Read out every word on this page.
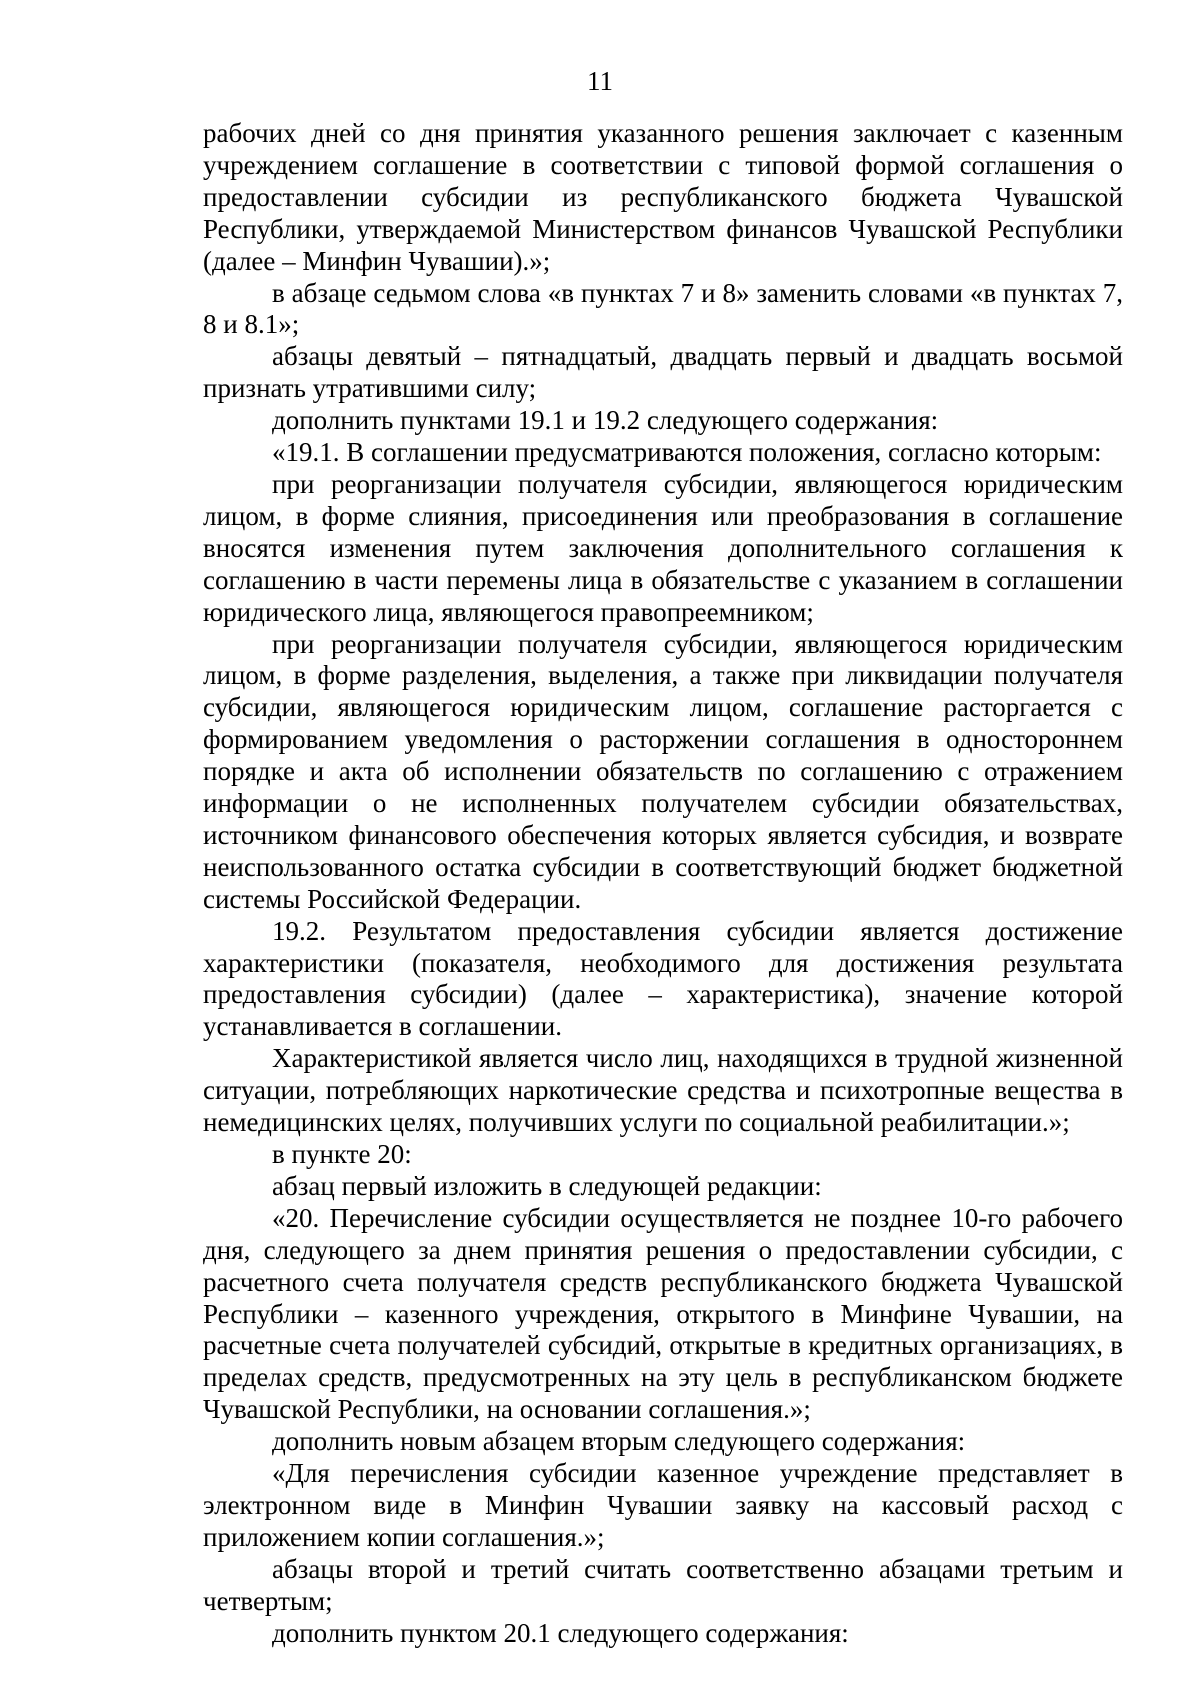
11

рабочих дней со дня принятия указанного решения заключает с казенным учреждением соглашение в соответствии с типовой формой соглашения о предоставлении субсидии из республиканского бюджета Чувашской Республики, утверждаемой Министерством финансов Чувашской Республики (далее – Минфин Чувашии).»;

в абзаце седьмом слова «в пунктах 7 и 8» заменить словами «в пунктах 7, 8 и 8.1»;

абзацы девятый – пятнадцатый, двадцать первый и двадцать восьмой признать утратившими силу;

дополнить пунктами 19.1 и 19.2 следующего содержания:

«19.1. В соглашении предусматриваются положения, согласно которым:

при реорганизации получателя субсидии, являющегося юридическим лицом, в форме слияния, присоединения или преобразования в соглашение вносятся изменения путем заключения дополнительного соглашения к соглашению в части перемены лица в обязательстве с указанием в соглашении юридического лица, являющегося правопреемником;

при реорганизации получателя субсидии, являющегося юридическим лицом, в форме разделения, выделения, а также при ликвидации получателя субсидии, являющегося юридическим лицом, соглашение расторгается с формированием уведомления о расторжении соглашения в одностороннем порядке и акта об исполнении обязательств по соглашению с отражением информации о не исполненных получателем субсидии обязательствах, источником финансового обеспечения которых является субсидия, и возврате неиспользованного остатка субсидии в соответствующий бюджет бюджетной системы Российской Федерации.

19.2. Результатом предоставления субсидии является достижение характеристики (показателя, необходимого для достижения результата предоставления субсидии) (далее – характеристика), значение которой устанавливается в соглашении.

Характеристикой является число лиц, находящихся в трудной жизненной ситуации, потребляющих наркотические средства и психотропные вещества в немедицинских целях, получивших услуги по социальной реабилитации.»;

в пункте 20:

абзац первый изложить в следующей редакции:

«20. Перечисление субсидии осуществляется не позднее 10-го рабочего дня, следующего за днем принятия решения о предоставлении субсидии, с расчетного счета получателя средств республиканского бюджета Чувашской Республики – казенного учреждения, открытого в Минфине Чувашии, на расчетные счета получателей субсидий, открытые в кредитных организациях, в пределах средств, предусмотренных на эту цель в республиканском бюджете Чувашской Республики, на основании соглашения.»;

дополнить новым абзацем вторым следующего содержания:

«Для перечисления субсидии казенное учреждение представляет в электронном виде в Минфин Чувашии заявку на кассовый расход с приложением копии соглашения.»;

абзацы второй и третий считать соответственно абзацами третьим и четвертым;

дополнить пунктом 20.1 следующего содержания:
